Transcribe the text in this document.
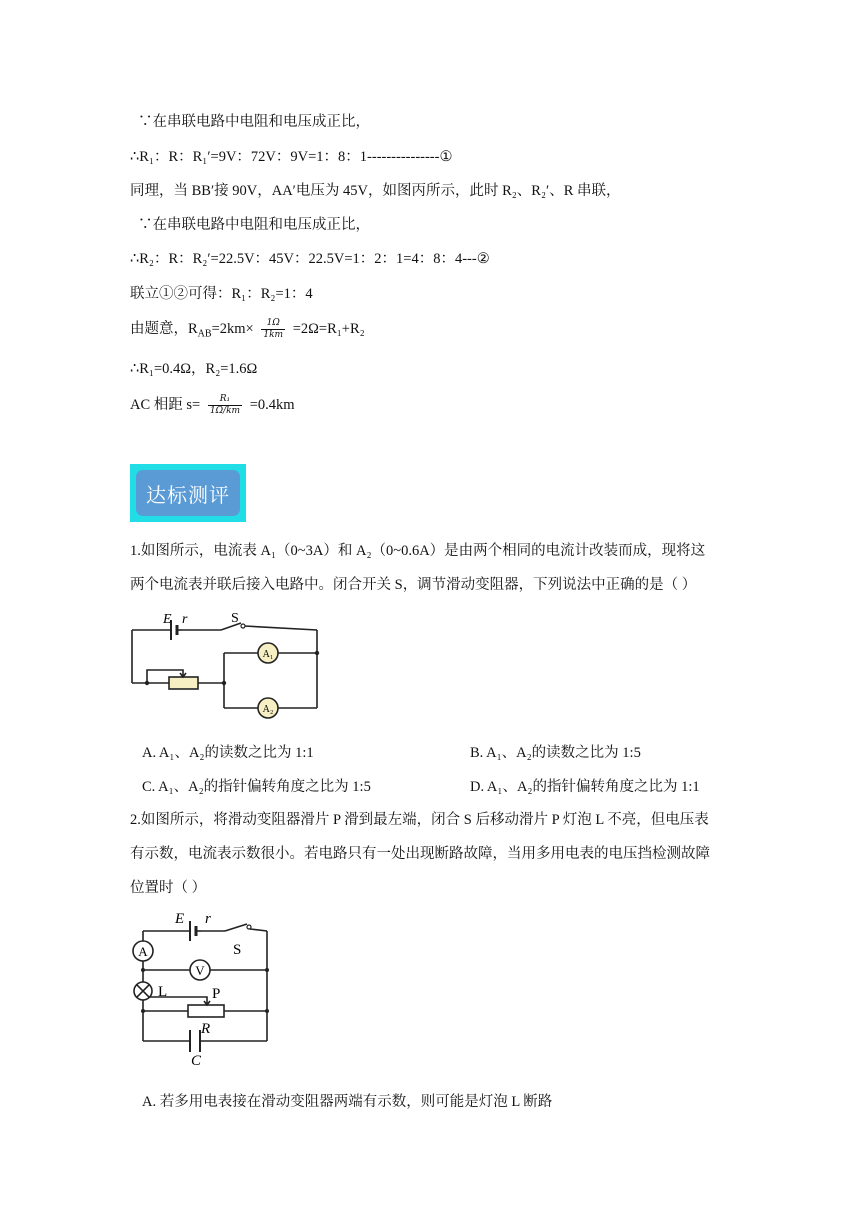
∵在串联电路中电阻和电压成正比，
∴R₁：R：R₁′=9V：72V：9V=1：8：1---------------①
同理，当 BB′接 90V，AA′电压为 45V，如图丙所示，此时 R₂、R₂′、R 串联，
∵在串联电路中电阻和电压成正比，
∴R₂：R：R₂′=22.5V：45V：22.5V=1：2：1=4：8：4---②
联立①②可得：R₁：R₂=1：4
由题意，$R_{AB}=2km\times \frac{1\Omega}{1km} =2\Omega=R_1+R_2$
∴R₁=0.4Ω，R₂=1.6Ω
AC 相距 $s= \frac{\text{R₁}}{1\Omega/km} =0.4km$
达标测评
1.如图所示，电流表 A₁（0~3A）和 A₂（0~0.6A）是由两个相同的电流计改装而成，现将这
两个电流表并联后接入电路中。闭合开关 S，调节滑动变阻器，下列说法中正确的是（ ）
E r	S
A₁
A₂
A. A₁、A₂的读数之比为 1:1	B. A₁、A₂的读数之比为 1:5
C. A₁、A₂的指针偏转角度之比为 1:5	D. A₁、A₂的指针偏转角度之比为 1:1
2.如图所示，将滑动变阻器滑片 P 滑到最左端，闭合 S 后移动滑片 P 灯泡 L 不亮，但电压表
有示数，电流表示数很小。若电路只有一处出现断路故障，当用多用电表的电压挡检测故障
位置时（ ）
E r
S
A
V
L	P
R
C
A. 若多用电表接在滑动变阻器两端有示数，则可能是灯泡 L 断路
